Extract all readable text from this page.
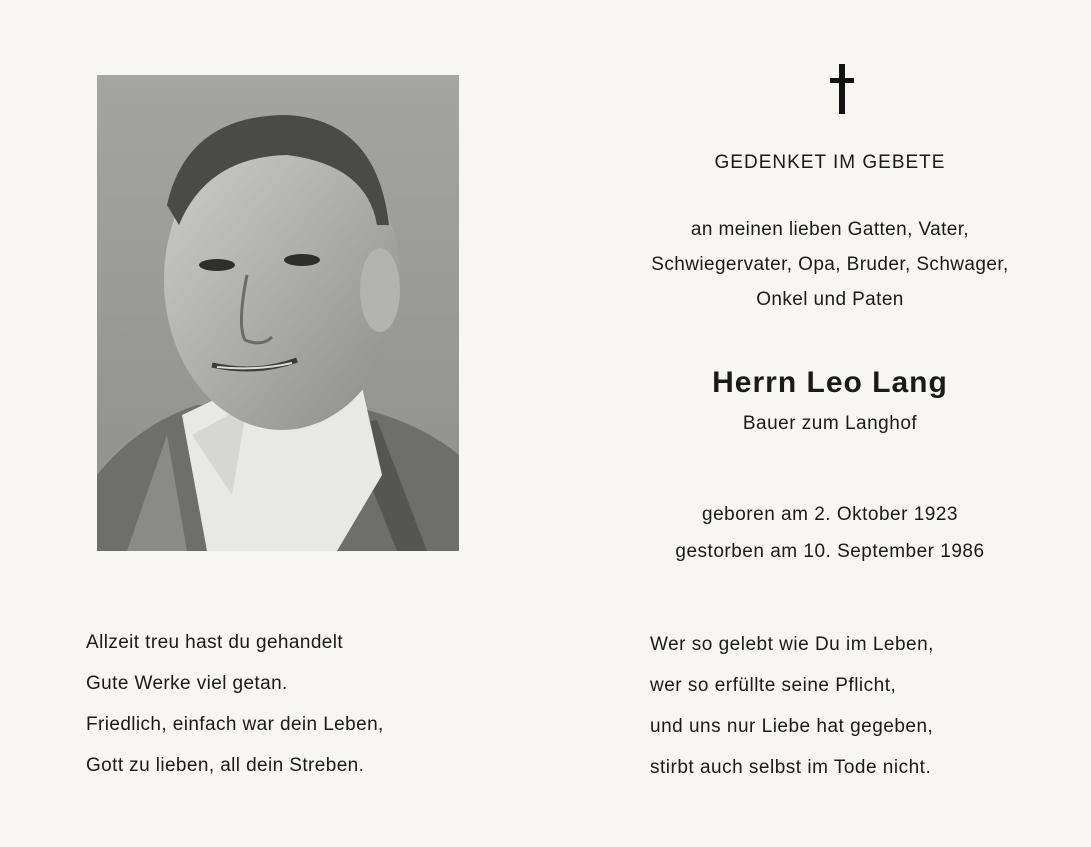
GEDENKET IM GEBETE
an meinen lieben Gatten, Vater,
Schwiegervater, Opa, Bruder, Schwager,
Onkel und Paten
Herrn Leo Lang
Bauer zum Langhof
geboren am 2. Oktober 1923
gestorben am 10. September 1986
Allzeit treu hast du gehandelt
Gute Werke viel getan.
Friedlich, einfach war dein Leben,
Gott zu lieben, all dein Streben.
Wer so gelebt wie Du im Leben,
wer so erfüllte seine Pflicht,
und uns nur Liebe hat gegeben,
stirbt auch selbst im Tode nicht.
